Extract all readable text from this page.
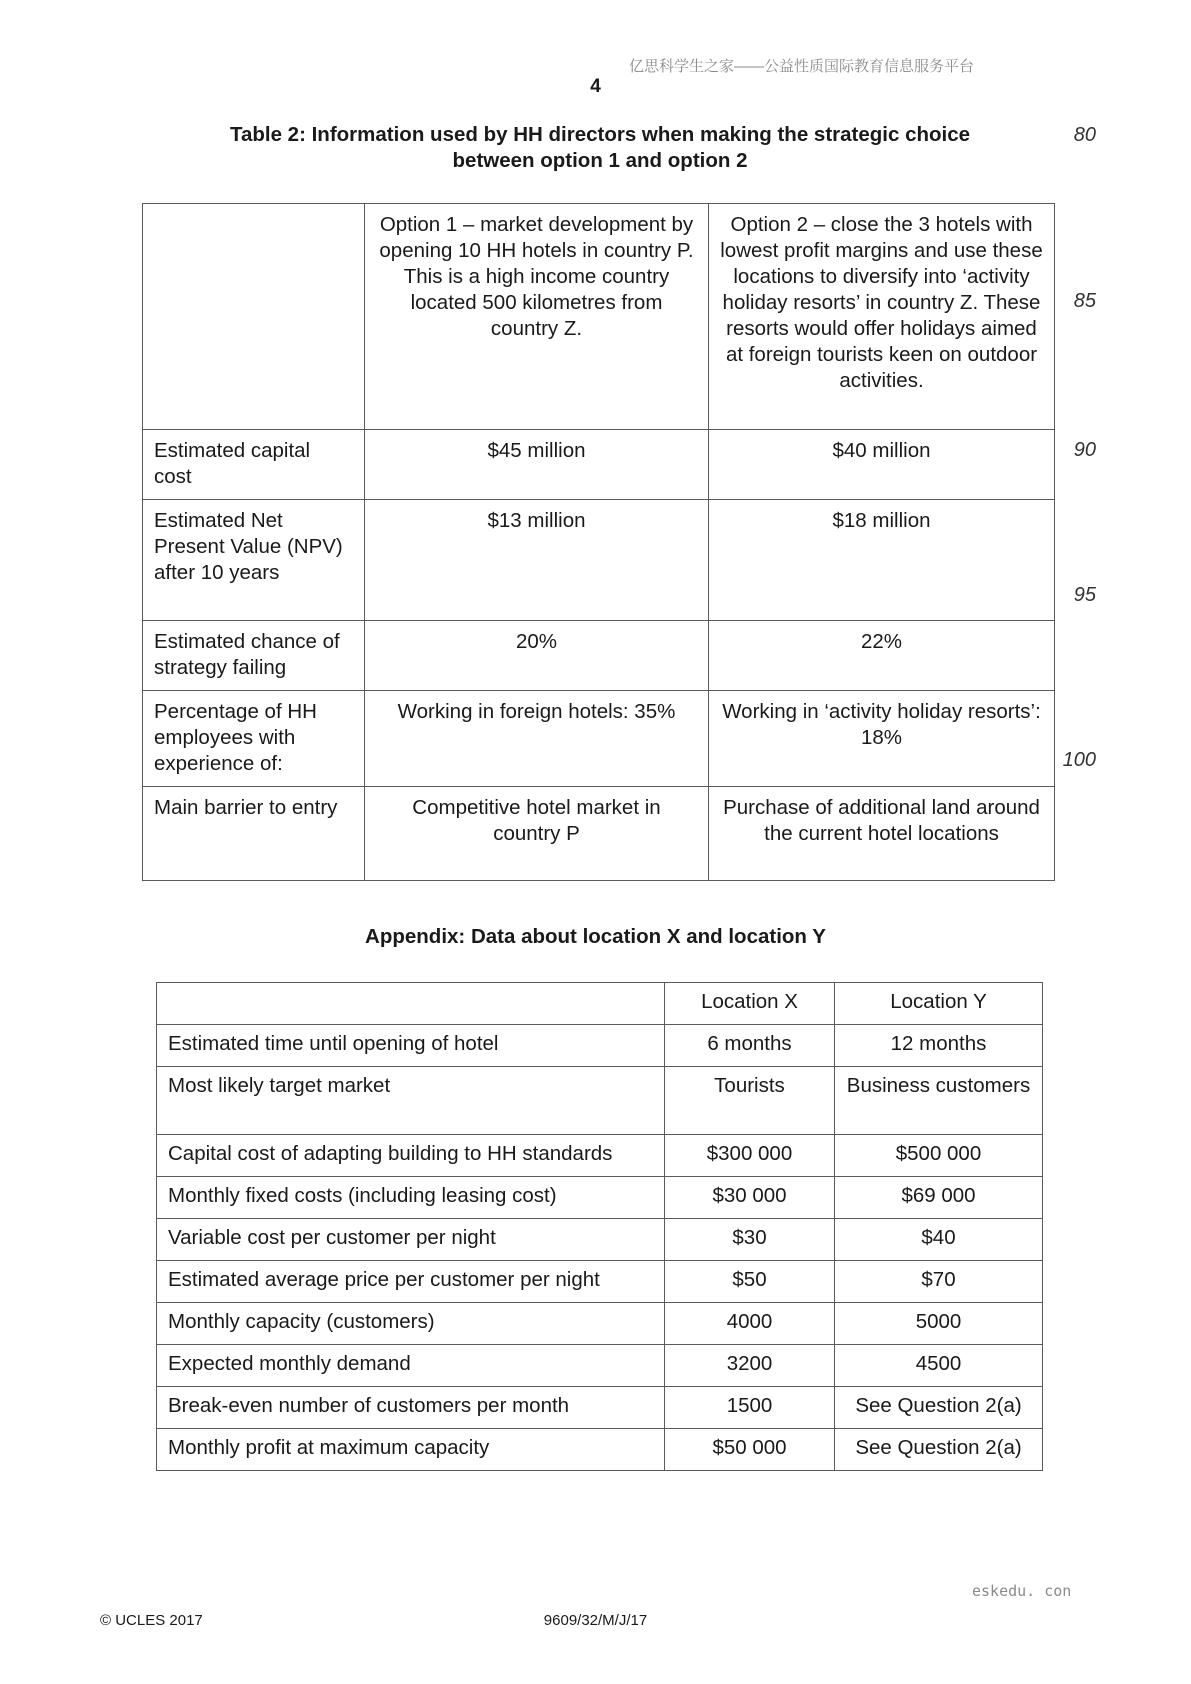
亿思科学生之家——公益性质国际教育信息服务平台
4
80
85
90
95
100
Table 2: Information used by HH directors when making the strategic choice
between option 1 and option 2
	Option 1 – market development by opening 10 HH hotels in country P. This is a high income country located 500 kilometres from country Z.	Option 2 – close the 3 hotels with lowest profit margins and use these locations to diversify into ‘activity holiday resorts’ in country Z. These resorts would offer holidays aimed at foreign tourists keen on outdoor activities.
Estimated capital cost	$45 million	$40 million
Estimated Net Present Value (NPV) after 10 years	$13 million	$18 million
Estimated chance of strategy failing	20%	22%
Percentage of HH employees with experience of:	Working in foreign hotels: 35%	Working in ‘activity holiday resorts’: 18%
Main barrier to entry	Competitive hotel market in country P	Purchase of additional land around the current hotel locations
Appendix: Data about location X and location Y
	Location X	Location Y
Estimated time until opening of hotel	6 months	12 months
Most likely target market	Tourists	Business customers
Capital cost of adapting building to HH standards	$300 000	$500 000
Monthly fixed costs (including leasing cost)	$30 000	$69 000
Variable cost per customer per night	$30	$40
Estimated average price per customer per night	$50	$70
Monthly capacity (customers)	4000	5000
Expected monthly demand	3200	4500
Break-even number of customers per month	1500	See Question 2(a)
Monthly profit at maximum capacity	$50 000	See Question 2(a)
eskedu. con
© UCLES 2017	9609/32/M/J/17
